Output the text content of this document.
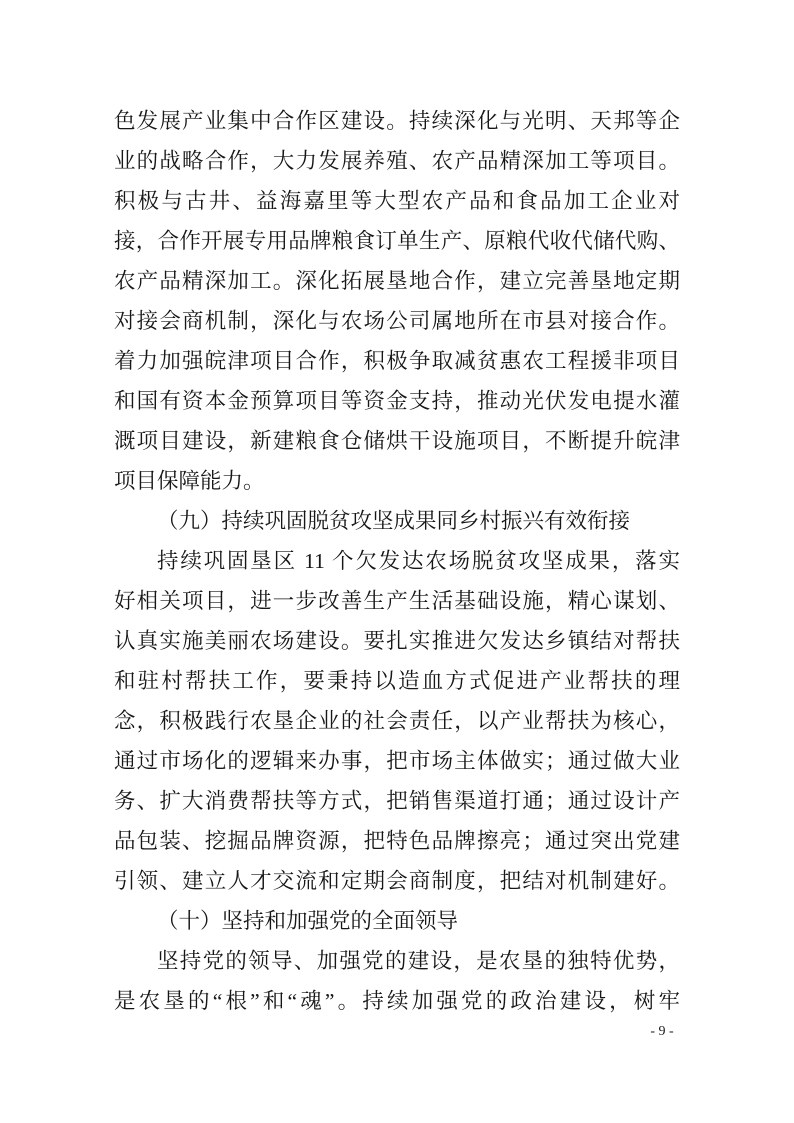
色发展产业集中合作区建设。持续深化与光明、天邦等企
业的战略合作，大力发展养殖、农产品精深加工等项目。
积极与古井、益海嘉里等大型农产品和食品加工企业对
接，合作开展专用品牌粮食订单生产、原粮代收代储代购、
农产品精深加工。深化拓展垦地合作，建立完善垦地定期
对接会商机制，深化与农场公司属地所在市县对接合作。
着力加强皖津项目合作，积极争取减贫惠农工程援非项目
和国有资本金预算项目等资金支持，推动光伏发电提水灌
溉项目建设，新建粮食仓储烘干设施项目，不断提升皖津
项目保障能力。
（九）持续巩固脱贫攻坚成果同乡村振兴有效衔接
持续巩固垦区 11 个欠发达农场脱贫攻坚成果，落实
好相关项目，进一步改善生产生活基础设施，精心谋划、
认真实施美丽农场建设。要扎实推进欠发达乡镇结对帮扶
和驻村帮扶工作，要秉持以造血方式促进产业帮扶的理
念，积极践行农垦企业的社会责任，以产业帮扶为核心，
通过市场化的逻辑来办事，把市场主体做实；通过做大业
务、扩大消费帮扶等方式，把销售渠道打通；通过设计产
品包装、挖掘品牌资源，把特色品牌擦亮；通过突出党建
引领、建立人才交流和定期会商制度，把结对机制建好。
（十）坚持和加强党的全面领导
坚持党的领导、加强党的建设，是农垦的独特优势，
是农垦的“根”和“魂”。持续加强党的政治建设，树牢
- 9 -
